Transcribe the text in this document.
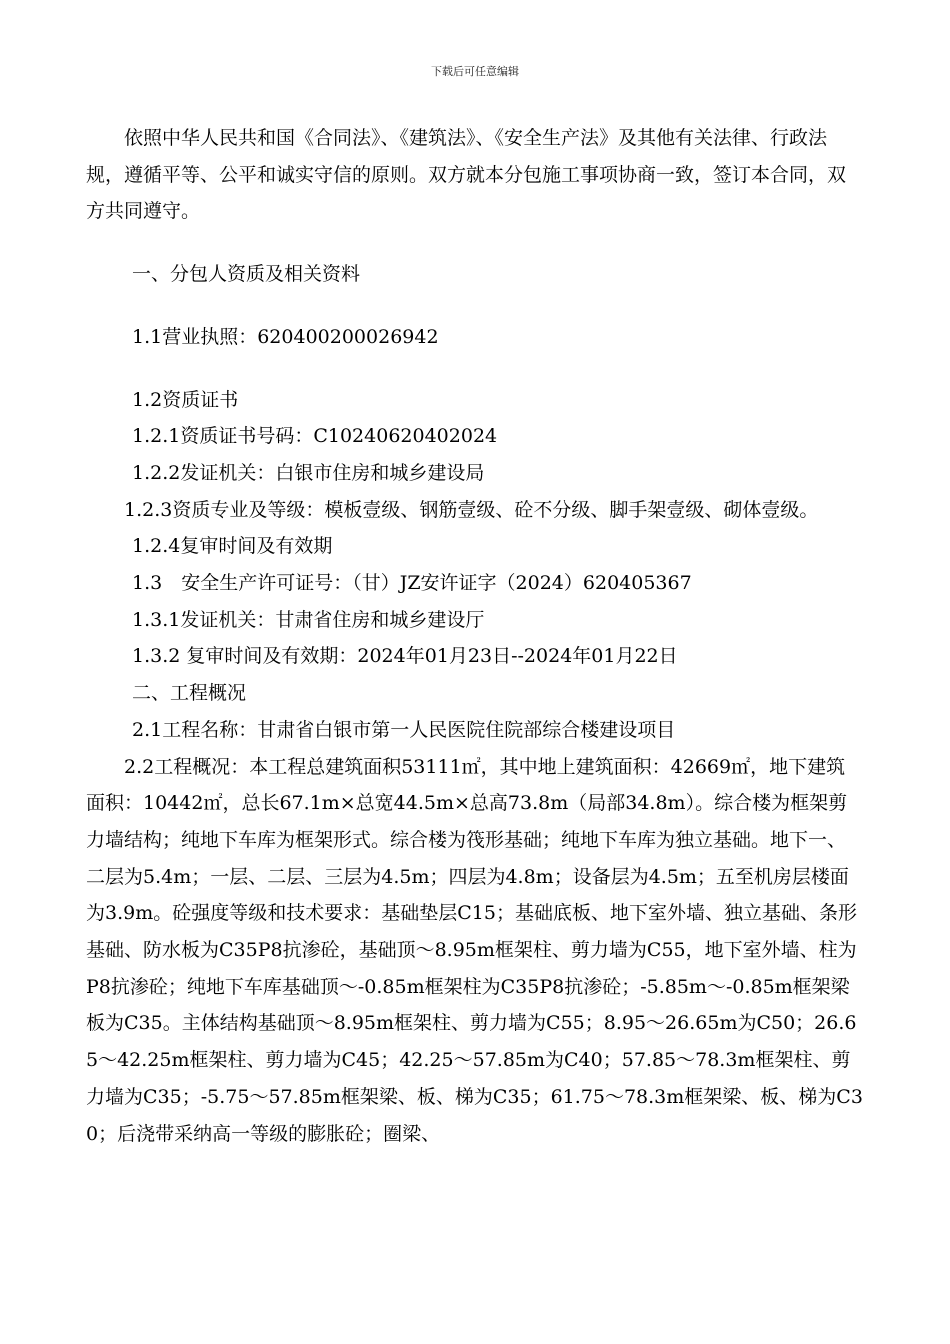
下载后可任意编辑

依照中华人民共和国《合同法》、《建筑法》、《安全生产法》及其他有关法律、行政法规，遵循平等、公平和诚实守信的原则。双方就本分包施工事项协商一致，签订本合同，双方共同遵守。

一、分包人资质及相关资料

1.1营业执照：620400200026942

1.2资质证书

1.2.1资质证书号码：C10240620402024

1.2.2发证机关：白银市住房和城乡建设局

1.2.3资质专业及等级：模板壹级、钢筋壹级、砼不分级、脚手架壹级、砌体壹级。

1.2.4复审时间及有效期

1.3　安全生产许可证号：（甘）JZ安许证字（2024）620405367

1.3.1发证机关：甘肃省住房和城乡建设厅

1.3.2 复审时间及有效期：2024年01月23日--2024年01月22日

二、工程概况

2.1工程名称：甘肃省白银市第一人民医院住院部综合楼建设项目

2.2工程概况：本工程总建筑面积53111㎡，其中地上建筑面积：42669㎡，地下建筑面积：10442㎡，总长67.1m×总宽44.5m×总高73.8m（局部34.8m）。综合楼为框架剪力墙结构；纯地下车库为框架形式。综合楼为筏形基础；纯地下车库为独立基础。地下一、二层为5.4m；一层、二层、三层为4.5m；四层为4.8m；设备层为4.5m；五至机房层楼面为3.9m。砼强度等级和技术要求：基础垫层C15；基础底板、地下室外墙、独立基础、条形基础、防水板为C35P8抗渗砼，基础顶～8.95m框架柱、剪力墙为C55，地下室外墙、柱为P8抗渗砼；纯地下车库基础顶～-0.85m框架柱为C35P8抗渗砼；-5.85m～-0.85m框架梁板为C35。主体结构基础顶～8.95m框架柱、剪力墙为C55；8.95～26.65m为C50；26.65～42.25m框架柱、剪力墙为C45；42.25～57.85m为C40；57.85～78.3m框架柱、剪力墙为C35；-5.75～57.85m框架梁、板、梯为C35；61.75～78.3m框架梁、板、梯为C30；后浇带采纳高一等级的膨胀砼；圈梁、
